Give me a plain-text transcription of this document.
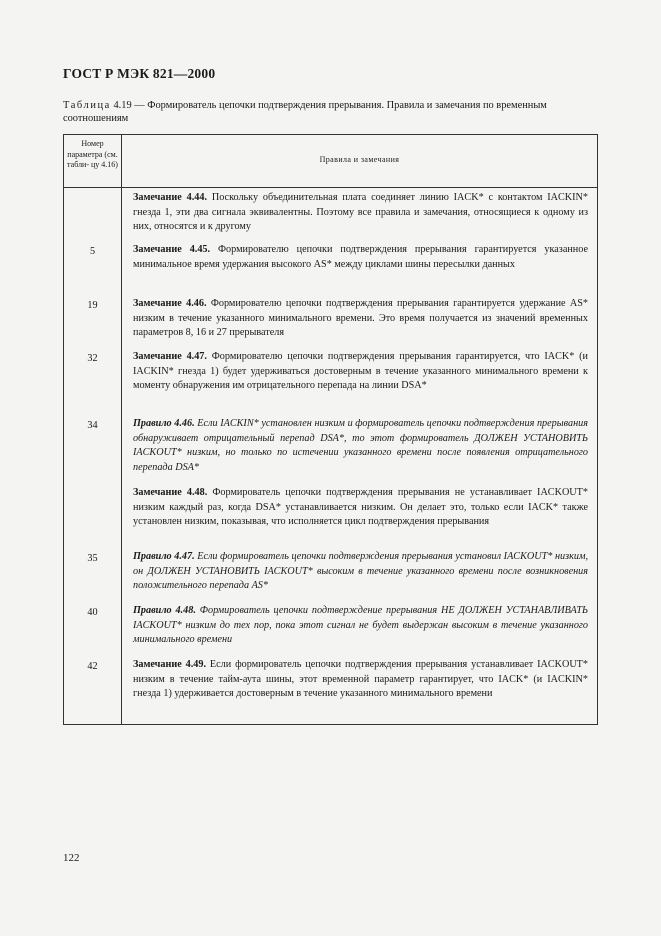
ГОСТ Р МЭК 821—2000
Таблица 4.19 — Формирователь цепочки подтверждения прерывания. Правила и замечания по временным соотношениям
Номер параметра (см. табли- цу 4.16)
Правила и замечания
Замечание 4.44. Поскольку объединительная плата соединяет линию IACK* с контактом IACKIN* гнезда 1, эти два сигнала эквивалентны. Поэтому все правила и замечания, относящиеся к одному из них, относятся и к другому
5	Замечание 4.45. Формирователю цепочки подтверждения прерывания гарантируется указанное минимальное время удержания высокого AS* между циклами шины пересылки данных
19	Замечание 4.46. Формирователю цепочки подтверждения прерывания гарантируется удержание AS* низким в течение указанного минимального времени. Это время получается из значений временных параметров 8, 16 и 27 прерывателя
32	Замечание 4.47. Формирователю цепочки подтверждения прерывания гарантируется, что IACK* (и IACKIN* гнезда 1) будет удерживаться достоверным в течение указанного минимального времени к моменту обнаружения им отрицательного перепада на линии DSA*
34	Правило 4.46. Если IACKIN* установлен низким и формирователь цепочки подтверждения прерывания обнаруживает отрицательный перепад DSA*, то этот формирователь ДОЛЖЕН УСТАНОВИТЬ IACKOUT* низким, но только по истечении указанного времени после появления отрицательного перепада DSA*
Замечание 4.48. Формирователь цепочки подтверждения прерывания не устанавливает IACKOUT* низким каждый раз, когда DSA* устанавливается низким. Он делает это, только если IACK* также установлен низким, показывая, что исполняется цикл подтверждения прерывания
35	Правило 4.47. Если формирователь цепочки подтверждения прерывания установил IACKOUT* низким, он ДОЛЖЕН УСТАНОВИТЬ IACKOUT* высоким в течение указанного времени после возникновения положительного перепада AS*
40	Правило 4.48. Формирователь цепочки подтверждение прерывания НЕ ДОЛЖЕН УСТАНАВЛИВАТЬ IACKOUT* низким до тех пор, пока этот сигнал не будет выдержан высоким в течение указанного минимального времени
42	Замечание 4.49. Если формирователь цепочки подтверждения прерывания устанавливает IACKOUT* низким в течение тайм-аута шины, этот временной параметр гарантирует, что IACK* (и IACKIN* гнезда 1) удерживается достоверным в течение указанного минимального времени
122
